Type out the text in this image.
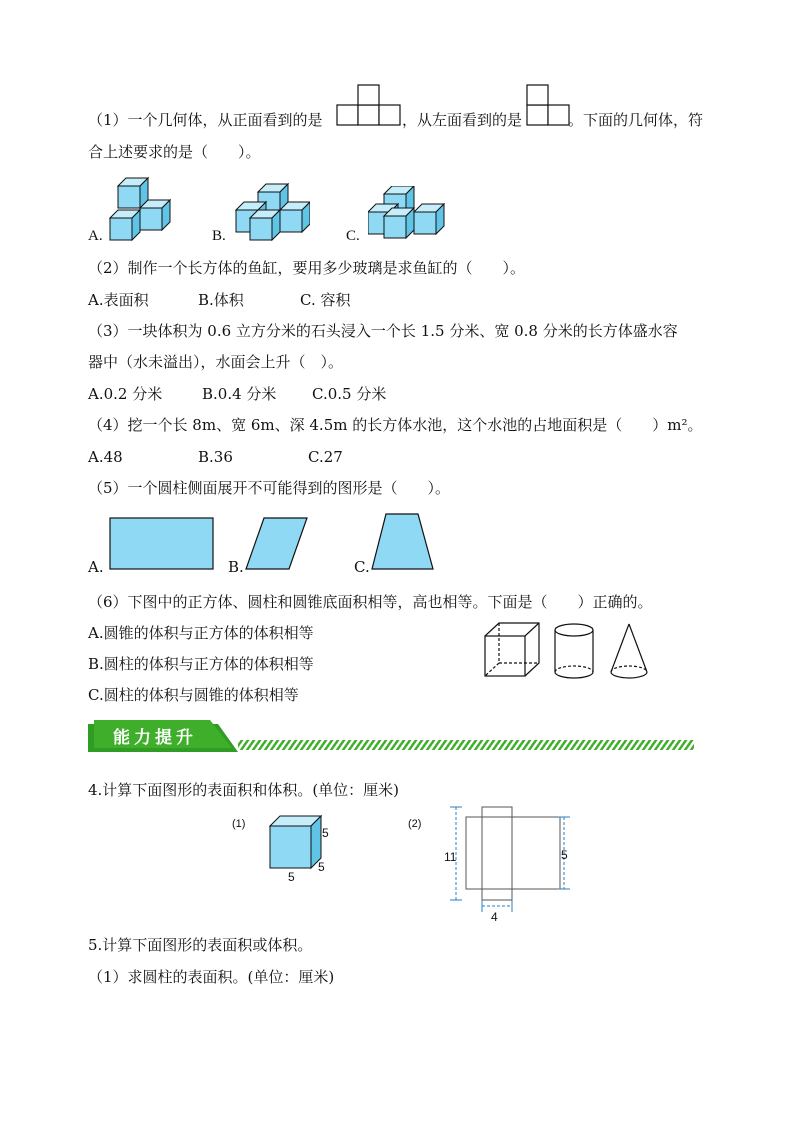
（1）一个几何体，从正面看到的是	，从左面看到的是	。下面的几何体，符
合上述要求的是（　　）。
A.	B.	C.
（2）制作一个长方体的鱼缸，要用多少玻璃是求鱼缸的（　　）。
A.表面积	B.体积	C. 容积
（3）一块体积为 0.6 立方分米的石头浸入一个长 1.5 分米、宽 0.8 分米的长方体盛水容
器中（水未溢出），水面会上升（　）。
A.0.2 分米	B.0.4 分米 C.0.5 分米
（4）挖一个长 8m、宽 6m、深 4.5m 的长方体水池，这个水池的占地面积是（　　）m²。
A.48	B.36	C.27
（5）一个圆柱侧面展开不可能得到的图形是（　　）。
A.	B.	C.
（6）下图中的正方体、圆柱和圆锥底面积相等，高也相等。下面是（　　）正确的。
A.圆锥的体积与正方体的体积相等
B.圆柱的体积与正方体的体积相等
C.圆柱的体积与圆锥的体积相等
能力提升
4.计算下面图形的表面积和体积。(单位：厘米)
(1)
5
5
5
(2)
11	5
4
5.计算下面图形的表面积或体积。
（1）求圆柱的表面积。(单位：厘米)
